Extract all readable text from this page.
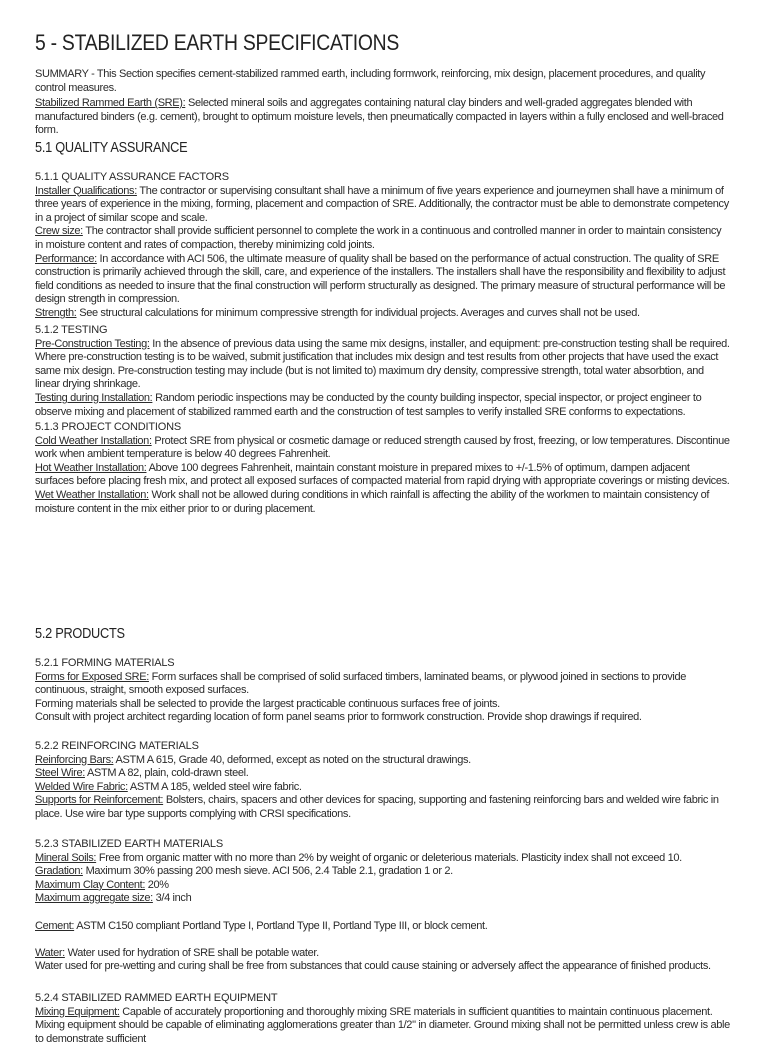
5 - STABILIZED EARTH SPECIFICATIONS

SUMMARY - This Section specifies cement-stabilized rammed earth, including formwork, reinforcing, mix design, placement procedures, and quality control measures.

Stabilized Rammed Earth (SRE): Selected mineral soils and aggregates containing natural clay binders and well-graded aggregates blended with manufactured binders (e.g. cement), brought to optimum moisture levels, then pneumatically compacted in layers within a fully enclosed and well-braced form.

5.1 QUALITY ASSURANCE

5.1.1 QUALITY ASSURANCE FACTORS

Installer Qualifications: The contractor or supervising consultant shall have a minimum of five years experience and journeymen shall have a minimum of three years of experience in the mixing, forming, placement and compaction of SRE. Additionally, the contractor must be able to demonstrate competency in a project of similar scope and scale.

Crew size: The contractor shall provide sufficient personnel to complete the work in a continuous and controlled manner in order to maintain consistency in moisture content and rates of compaction, thereby minimizing cold joints.

Performance: In accordance with ACI 506, the ultimate measure of quality shall be based on the performance of actual construction. The quality of SRE construction is primarily achieved through the skill, care, and experience of the installers. The installers shall have the responsibility and flexibility to adjust field conditions as needed to insure that the final construction will perform structurally as designed. The primary measure of structural performance will be design strength in compression.

Strength: See structural calculations for minimum compressive strength for individual projects. Averages and curves shall not be used.

5.1.2 TESTING

Pre-Construction Testing: In the absence of previous data using the same mix designs, installer, and equipment: pre-construction testing shall be required. Where pre-construction testing is to be waived, submit justification that includes mix design and test results from other projects that have used the exact same mix design. Pre-construction testing may include (but is not limited to) maximum dry density, compressive strength, total water absorbtion, and linear drying shrinkage.

Testing during Installation: Random periodic inspections may be conducted by the county building inspector, special inspector, or project engineer to observe mixing and placement of stabilized rammed earth and the construction of test samples to verify installed SRE conforms to expectations.

5.1.3 PROJECT CONDITIONS

Cold Weather Installation: Protect SRE from physical or cosmetic damage or reduced strength caused by frost, freezing, or low temperatures. Discontinue work when ambient temperature is below 40 degrees Fahrenheit.

Hot Weather Installation: Above 100 degrees Fahrenheit, maintain constant moisture in prepared mixes to +/-1.5% of optimum, dampen adjacent surfaces before placing fresh mix, and protect all exposed surfaces of compacted material from rapid drying with appropriate coverings or misting devices.

Wet Weather Installation: Work shall not be allowed during conditions in which rainfall is affecting the ability of the workmen to maintain consistency of moisture content in the mix either prior to or during placement.

5.2 PRODUCTS

5.2.1 FORMING MATERIALS

Forms for Exposed SRE: Form surfaces shall be comprised of solid surfaced timbers, laminated beams, or plywood joined in sections to provide continuous, straight, smooth exposed surfaces.

Forming materials shall be selected to provide the largest practicable continuous surfaces free of joints.

Consult with project architect regarding location of form panel seams prior to formwork construction. Provide shop drawings if required.

5.2.2 REINFORCING MATERIALS

Reinforcing Bars: ASTM A 615, Grade 40, deformed, except as noted on the structural drawings.

Steel Wire: ASTM A 82, plain, cold-drawn steel.

Welded Wire Fabric: ASTM A 185, welded steel wire fabric.

Supports for Reinforcement: Bolsters, chairs, spacers and other devices for spacing, supporting and fastening reinforcing bars and welded wire fabric in place. Use wire bar type supports complying with CRSI specifications.

5.2.3 STABILIZED EARTH MATERIALS

Mineral Soils: Free from organic matter with no more than 2% by weight of organic or deleterious materials. Plasticity index shall not exceed 10.

Gradation: Maximum 30% passing 200 mesh sieve. ACI 506, 2.4 Table 2.1, gradation 1 or 2.

Maximum Clay Content: 20%

Maximum aggregate size: 3/4 inch

Cement: ASTM C150 compliant Portland Type I, Portland Type II, Portland Type III, or block cement.

Water: Water used for hydration of SRE shall be potable water.

Water used for pre-wetting and curing shall be free from substances that could cause staining or adversely affect the appearance of finished products.

5.2.4 STABILIZED RAMMED EARTH EQUIPMENT

Mixing Equipment: Capable of accurately proportioning and thoroughly mixing SRE materials in sufficient quantities to maintain continuous placement. Mixing equipment should be capable of eliminating agglomerations greater than 1/2" in diameter. Ground mixing shall not be permitted unless crew is able to demonstrate sufficient
